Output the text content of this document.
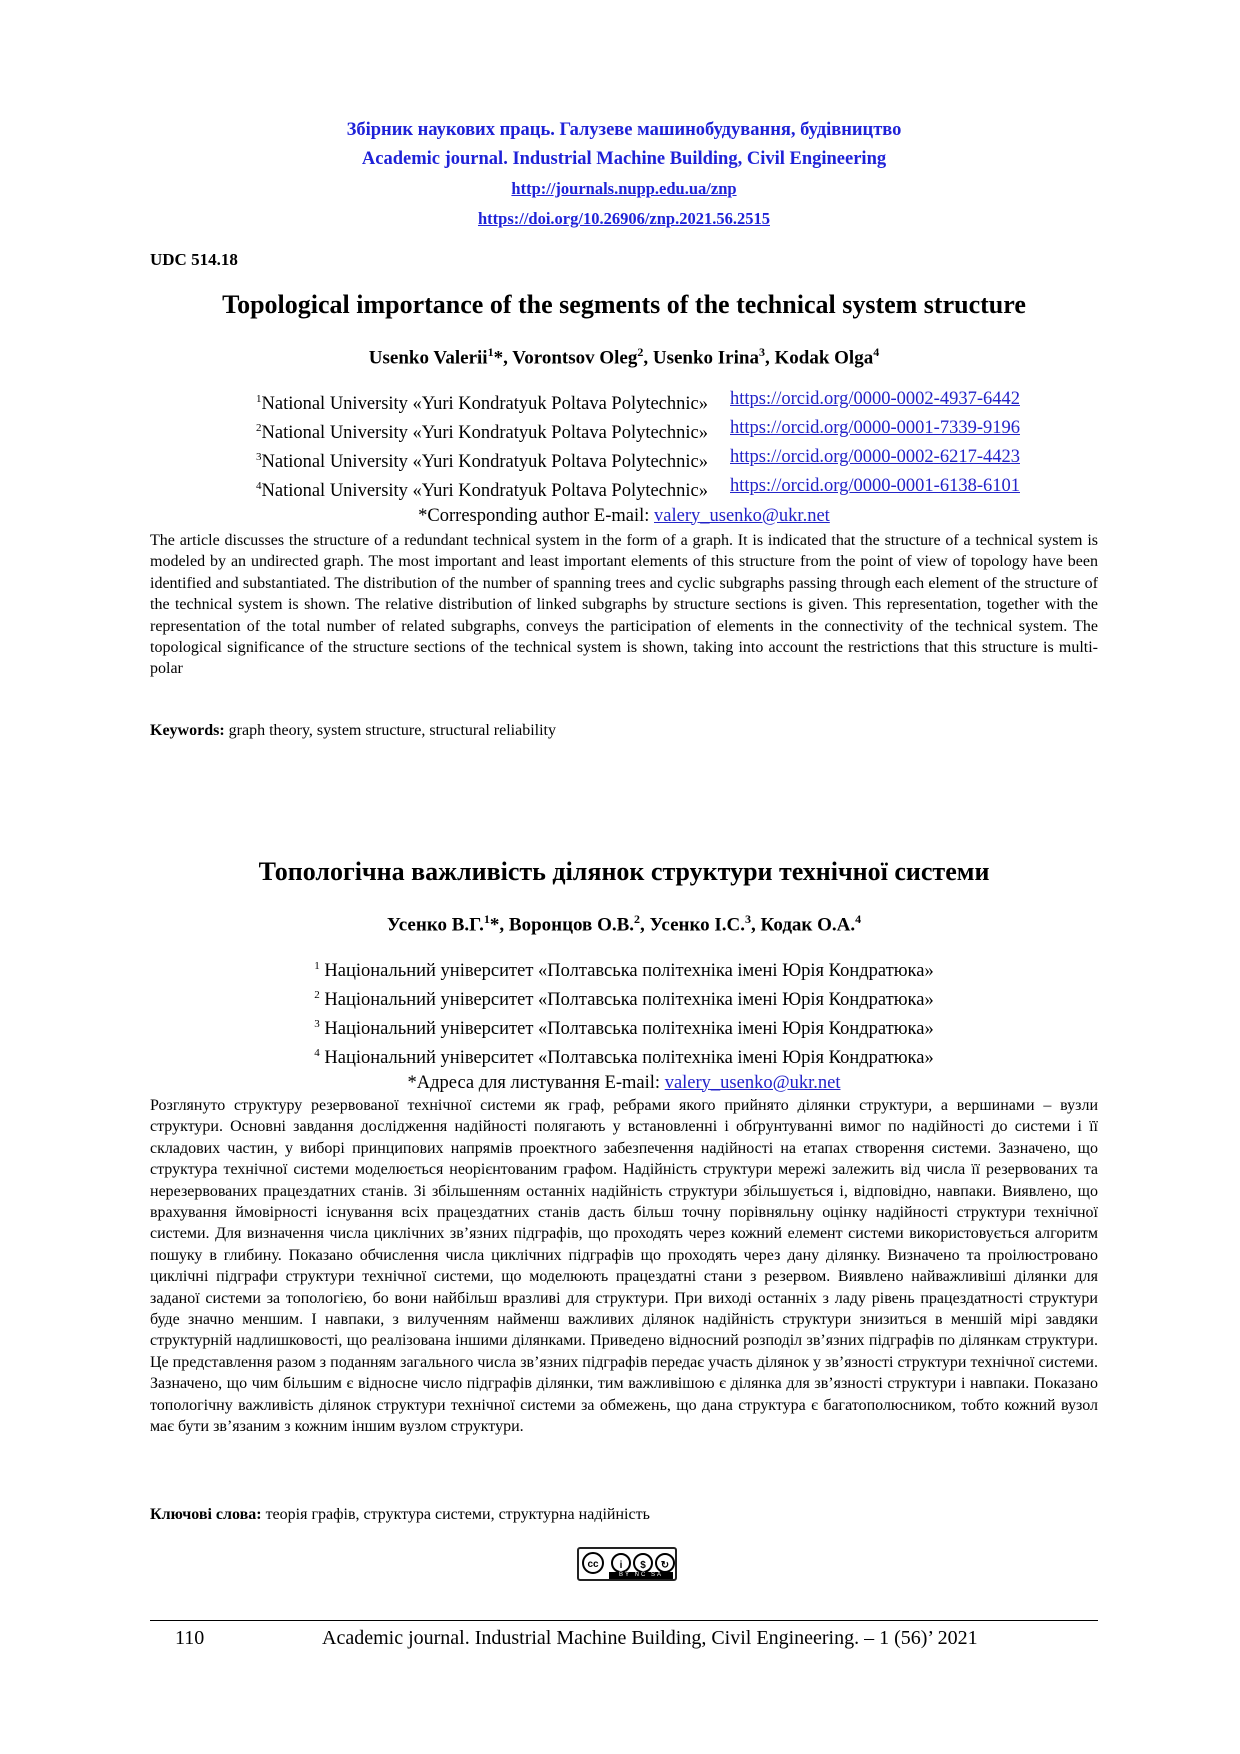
Збірник наукових праць. Галузеве машинобудування, будівництво
Academic journal. Industrial Machine Building, Civil Engineering
http://journals.nupp.edu.ua/znp
https://doi.org/10.26906/znp.2021.56.2515
UDC 514.18
Topological importance of the segments of the technical system structure
Usenko Valerii$^1$*, Vorontsov Oleg$^2$, Usenko Irina$^3$, Kodak Olga$^4$
$^1$National University «Yuri Kondratyuk Poltava Polytechnic» https://orcid.org/0000-0002-4937-6442
$^2$National University «Yuri Kondratyuk Poltava Polytechnic» https://orcid.org/0000-0001-7339-9196
$^3$National University «Yuri Kondratyuk Poltava Polytechnic» https://orcid.org/0000-0002-6217-4423
$^4$National University «Yuri Kondratyuk Poltava Polytechnic» https://orcid.org/0000-0001-6138-6101
*Corresponding author E-mail: valery_usenko@ukr.net
The article discusses the structure of a redundant technical system in the form of a graph. It is indicated that the structure of a technical system is modeled by an undirected graph. The most important and least important elements of this structure from the point of view of topology have been identified and substantiated. The distribution of the number of spanning trees and cyclic subgraphs passing through each element of the structure of the technical system is shown. The relative distribution of linked subgraphs by structure sections is given. This representation, together with the representation of the total number of related subgraphs, conveys the participation of elements in the connectivity of the technical system. The topological significance of the structure sections of the technical system is shown, taking into account the restrictions that this structure is multipolar
Keywords: graph theory, system structure, structural reliability
Топологічна важливість ділянок структури технічної системи
Усенко В.Г.$^1$*, Воронцов О.В.$^2$, Усенко І.С.$^3$, Кодак О.А.$^4$
$^1$ Національний університет «Полтавська політехніка імені Юрія Кондратюка»
$^2$ Національний університет «Полтавська політехніка імені Юрія Кондратюка»
$^3$ Національний університет «Полтавська політехніка імені Юрія Кондратюка»
$^4$ Національний університет «Полтавська політехніка імені Юрія Кондратюка»
*Адреса для листування E-mail: valery_usenko@ukr.net
Розглянуто структуру резервованої технічної системи як граф, ребрами якого прийнято ділянки структури, а вершинами – вузли структури. Основні завдання дослідження надійності полягають у встановленні і обґрунтуванні вимог по надійності до системи і її складових частин, у виборі принципових напрямів проектного забезпечення надійності на етапах створення системи. Зазначено, що структура технічної системи моделюється неорієнтованим графом. Надійність структури мережі залежить від числа її резервованих та нерезервованих працездатних станів. Зі збільшенням останніх надійність структури збільшується і, відповідно, навпаки. Виявлено, що врахування ймовірності існування всіх працездатних станів дасть більш точну порівняльну оцінку надійності структури технічної системи. Для визначення числа циклічних зв’язних підграфів, що проходять через кожний елемент системи використовується алгоритм пошуку в глибину. Показано обчислення числа циклічних підграфів що проходять через дану ділянку. Визначено та проілюстровано циклічні підграфи структури технічної системи, що моделюють працездатні стани з резервом. Виявлено найважливіші ділянки для заданої системи за топологією, бо вони найбільш вразливі для структури. При виході останніх з ладу рівень працездатності структури буде значно меншим. І навпаки, з вилученням найменш важливих ділянок надійність структури знизиться в меншій мірі завдяки структурній надлишковості, що реалізована іншими ділянками. Приведено відносний розподіл зв’язних підграфів по ділянкам структури. Це представлення разом з поданням загального числа зв’язних підграфів передає участь ділянок у зв’язності структури технічної системи. Зазначено, що чим більшим є відносне число підграфів ділянки, тим важливішою є ділянка для зв’язності структури і навпаки. Показано топологічну важливість ділянок структури технічної системи за обмежень, що дана структура є багатополюсником, тобто кожний вузол має бути зв’язаним з кожним іншим вузлом структури.
Ключові слова: теорія графів, структура системи, структурна надійність
cc	i	$	↻
BY NC SA
110	Academic journal. Industrial Machine Building, Civil Engineering. – 1 (56)’ 2021
